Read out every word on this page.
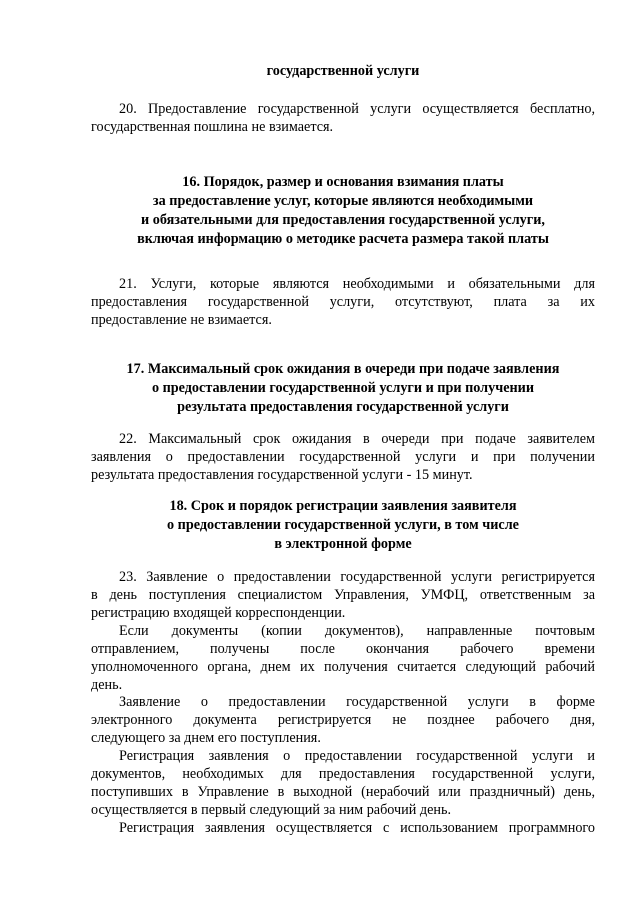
государственной услуги
20. Предоставление государственной услуги осуществляется бесплатно,
государственная пошлина не взимается.
16. Порядок, размер и основания взимания платы
за предоставление услуг, которые являются необходимыми
и обязательными для предоставления государственной услуги,
включая информацию о методике расчета размера такой платы
21. Услуги, которые являются необходимыми и обязательными для
предоставления государственной услуги, отсутствуют, плата за их
предоставление не взимается.
17. Максимальный срок ожидания в очереди при подаче заявления
о предоставлении государственной услуги и при получении
результата предоставления государственной услуги
22. Максимальный срок ожидания в очереди при подаче заявителем
заявления о предоставлении государственной услуги и при получении
результата предоставления государственной услуги - 15 минут.
18. Срок и порядок регистрации заявления заявителя
о предоставлении государственной услуги, в том числе
в электронной форме
23. Заявление о предоставлении государственной услуги регистрируется
в день поступления специалистом Управления, УМФЦ, ответственным за
регистрацию входящей корреспонденции.
Если документы (копии документов), направленные почтовым
отправлением, получены после окончания рабочего времени
уполномоченного органа, днем их получения считается следующий рабочий
день.
Заявление о предоставлении государственной услуги в форме
электронного документа регистрируется не позднее рабочего дня,
следующего за днем его поступления.
Регистрация заявления о предоставлении государственной услуги и
документов, необходимых для предоставления государственной услуги,
поступивших в Управление в выходной (нерабочий или праздничный) день,
осуществляется в первый следующий за ним рабочий день.
Регистрация заявления осуществляется с использованием программного
